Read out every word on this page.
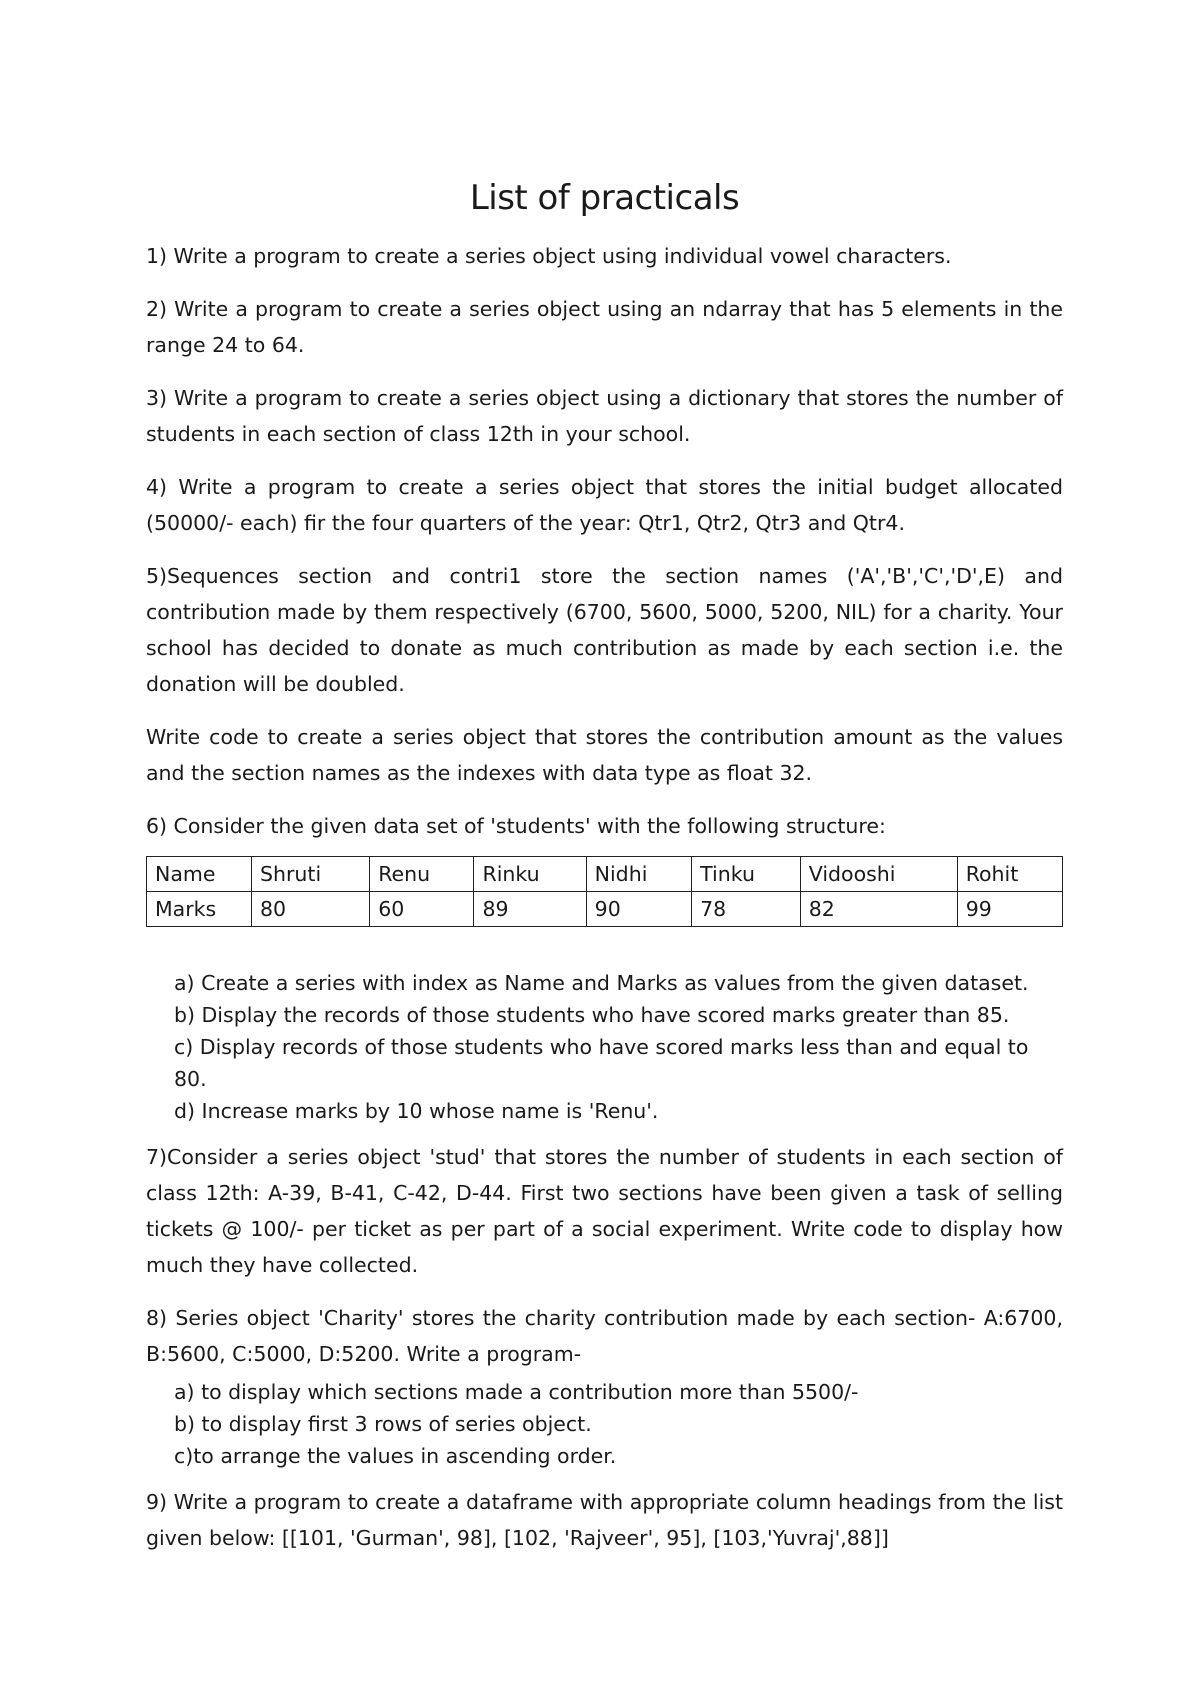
List of practicals

1) Write a program to create a series object using individual vowel characters.

2) Write a program to create a series object using an ndarray that has 5 elements in the range 24 to 64.

3) Write a program to create a series object using a dictionary that stores the number of students in each section of class 12th in your school.

4) Write a program to create a series object that stores the initial budget allocated (50000/- each) fir the four quarters of the year: Qtr1, Qtr2, Qtr3 and Qtr4.

5)Sequences section and contri1 store the section names ('A','B','C','D',E) and contribution made by them respectively (6700, 5600, 5000, 5200, NIL) for a charity. Your school has decided to donate as much contribution as made by each section i.e. the donation will be doubled.

Write code to create a series object that stores the contribution amount as the values and the section names as the indexes with data type as float 32.

6) Consider the given data set of 'students' with the following structure:

Name	Shruti	Renu	Rinku	Nidhi	Tinku	Vidooshi	Rohit
Marks	80	60	89	90	78	82	99
a) Create a series with index as Name and Marks as values from the given dataset.
b) Display the records of those students who have scored marks greater than 85.
c) Display records of those students who have scored marks less than and equal to 80.
d) Increase marks by 10 whose name is 'Renu'.

7)Consider a series object 'stud' that stores the number of students in each section of class 12th: A-39, B-41, C-42, D-44. First two sections have been given a task of selling tickets @ 100/- per ticket as per part of a social experiment. Write code to display how much they have collected.

8) Series object 'Charity' stores the charity contribution made by each section- A:6700, B:5600, C:5000, D:5200. Write a program-

a) to display which sections made a contribution more than 5500/-
b) to display first 3 rows of series object.
c)to arrange the values in ascending order.

9) Write a program to create a dataframe with appropriate column headings from the list given below: [[101, 'Gurman', 98], [102, 'Rajveer', 95], [103,'Yuvraj',88]]
